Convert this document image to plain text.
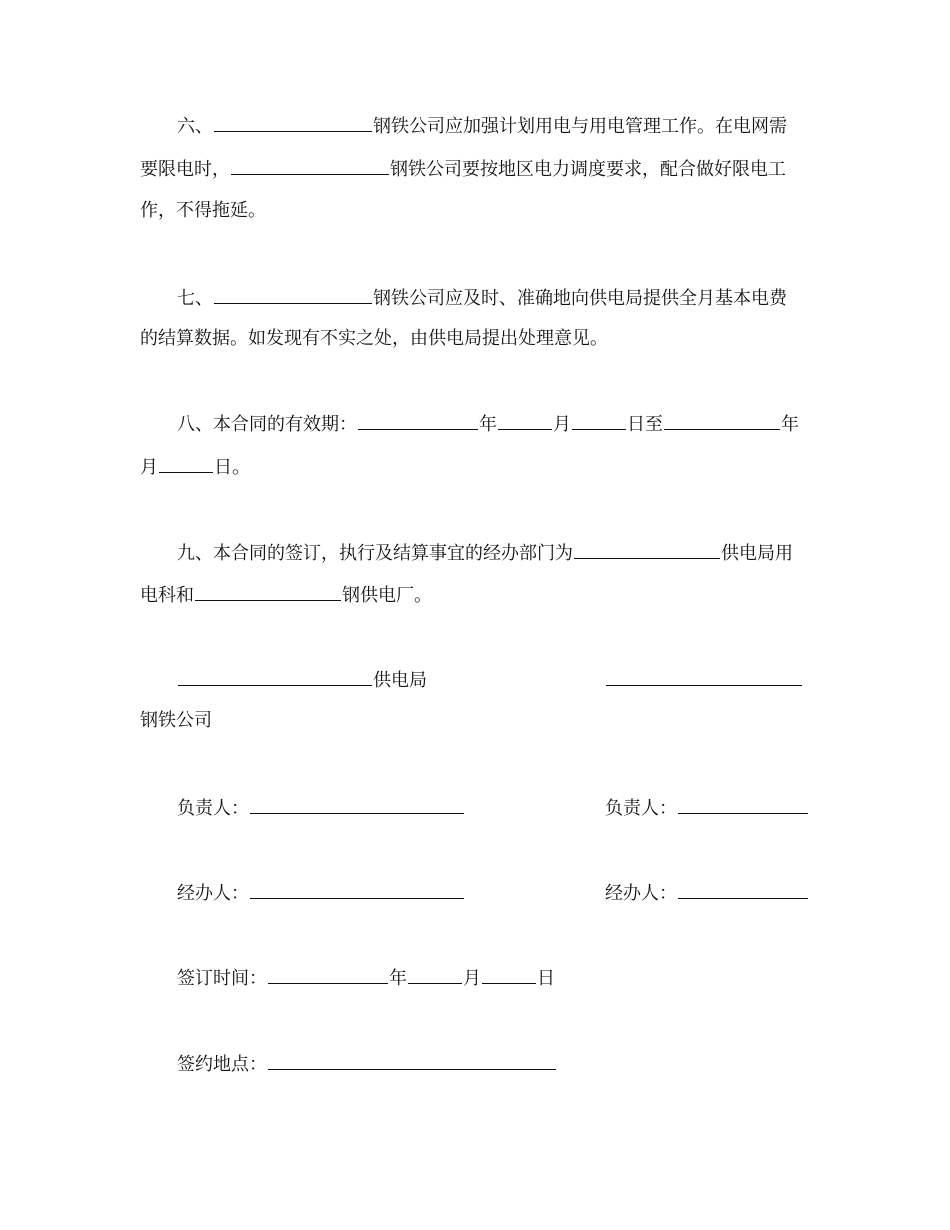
六、	钢铁公司应加强计划用电与用电管理工作。在电网需
要限电时，	钢铁公司要按地区电力调度要求，配合做好限电工
作，不得拖延。
七、	钢铁公司应及时、准确地向供电局提供全月基本电费
的结算数据。如发现有不实之处，由供电局提出处理意见。
八、本合同的有效期：	年	月	日至	年
月	日。
九、本合同的签订，执行及结算事宜的经办部门为	供电局用
电科和	钢供电厂。
供电局
钢铁公司
负责人：	负责人：
经办人：	经办人：
签订时间：	年	月	日
签约地点：
